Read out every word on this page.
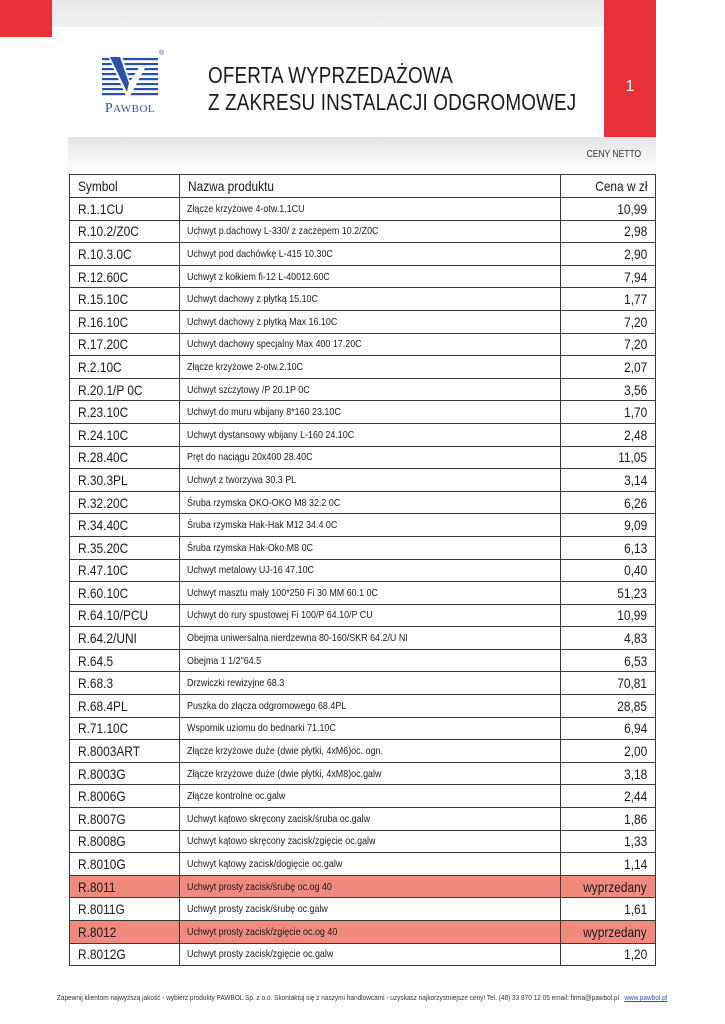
1
®
PAWBOL
OFERTA WYPRZEDAŻOWA
Z ZAKRESU INSTALACJI ODGROMOWEJ
CENY NETTO
Symbol	Nazwa produktu	Cena w zł
R.1.1CU	Złącze krzyżowe 4-otw.1.1CU	10,99
R.10.2/Z0C	Uchwyt p.dachowy L-330/ z zaczepem 10.2/Z0C	2,98
R.10.3.0C	Uchwyt pod dachówkę L-415 10.30C	2,90
R.12.60C	Uchwyt z kołkiem fi-12 L-40012.60C	7,94
R.15.10C	Uchwyt dachowy z płytką 15.10C	1,77
R.16.10C	Uchwyt dachowy z płytką Max 16.10C	7,20
R.17.20C	Uchwyt dachowy specjalny Max 400 17.20C	7,20
R.2.10C	Złącze krzyżowe 2-otw.2.10C	2,07
R.20.1/P 0C	Uchwyt szczytowy /P 20.1P 0C	3,56
R.23.10C	Uchwyt do muru wbijany 8*160 23.10C	1,70
R.24.10C	Uchwyt dystansowy wbijany L-160 24.10C	2,48
R.28.40C	Pręt do naciągu 20x400 28.40C	11,05
R.30.3PL	Uchwyt z tworzywa 30.3 PL	3,14
R.32.20C	Śruba rzymska OKO-OKO M8 32.2 0C	6,26
R.34.40C	Śruba rzymska Hak-Hak M12 34.4 0C	9,09
R.35.20C	Śruba rzymska Hak-Oko M8 0C	6,13
R.47.10C	Uchwyt metalowy UJ-16 47.10C	0,40
R.60.10C	Uchwyt masztu mały 100*250 Fi 30 MM 60.1 0C	51,23
R.64.10/PCU	Uchwyt do rury spustowej Fi 100/P 64.10/P CU	10,99
R.64.2/UNI	Obejma uniwersalna nierdzewna 80-160/SKR 64.2/U NI	4,83
R.64.5	Obejma 1 1/2"64.5	6,53
R.68.3	Drzwiczki rewizyjne 68.3	70,81
R.68.4PL	Puszka do złącza odgromowego 68.4PL	28,85
R.71.10C	Wspornik uziomu do bednarki 71.10C	6,94
R.8003ART	Złącze krzyżowe duże (dwie płytki, 4xM6)oc. ogn.	2,00
R.8003G	Złącze krzyżowe duże (dwie płytki, 4xM8)oc.galw	3,18
R.8006G	Złącze kontrolne oc.galw	2,44
R.8007G	Uchwyt kątowo skręcony zacisk/śruba oc.galw	1,86
R.8008G	Uchwyt kątowo skręcony zacisk/zgięcie oc.galw	1,33
R.8010G	Uchwyt kątowy zacisk/dogięcie oc.galw	1,14
R.8011	Uchwyt prosty zacisk/śrubę oc.og 40	wyprzedany
R.8011G	Uchwyt prosty zacisk/śrubę oc.galw	1,61
R.8012	Uchwyt prosty zacisk/zgięcie oc.og 40	wyprzedany
R.8012G	Uchwyt prosty zacisk/zgięcie oc.galw	1,20
Zapewnij klientom najwyższą jakość - wybierz produkty PAWBOL Sp. z o.o. Skontaktuj się z naszymi handlowcami - uzyskasz najkorzystniejsze ceny! Tel. (48) 33 870 12 05 email: firma@pawbol.pl www.pawbol.pl
